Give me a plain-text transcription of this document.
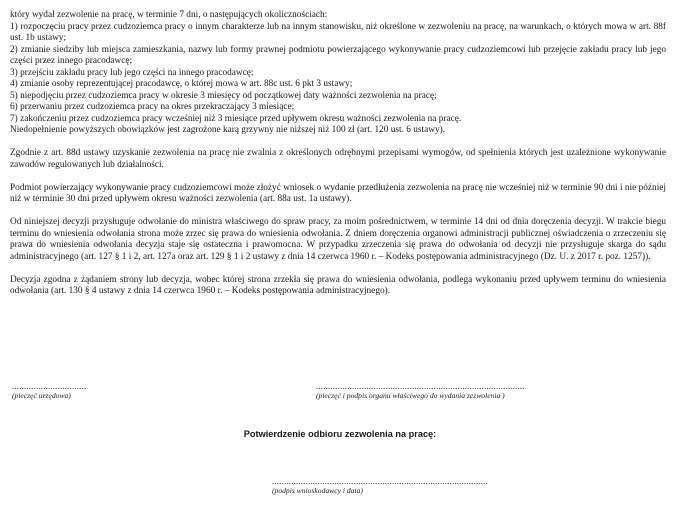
który wydał zezwolenie na pracę, w terminie 7 dni, o następujących okolicznościach:
1) rozpoczęciu pracy przez cudzoziemca pracy o innym charakterze lub na innym stanowisku, niż określone w zezwoleniu na pracę, na warunkach, o których mowa w art. 88f ust. 1b ustawy;
2) zmianie siedziby lub miejsca zamieszkania, nazwy lub formy prawnej podmiotu powierzającego wykonywanie pracy cudzoziemcowi lub przejęcie zakładu pracy lub jego części przez innego pracodawcę;
3) przejściu zakładu pracy lub jego części na innego pracodawcę;
4) zmianie osoby reprezentującej pracodawcę, o której mowa w art. 88c ust. 6 pkt 3 ustawy;
5) niepodjęciu przez cudzoziemca pracy w okresie 3 miesięcy od początkowej daty ważności zezwolenia na pracę;
6) przerwaniu przez cudzoziemca pracy na okres przekraczający 3 miesiące;
7) zakończeniu przez cudzoziemca pracy wcześniej niż 3 miesiące przed upływem okresu ważności zezwolenia na pracę.
Niedopełnienie powyższych obowiązków jest zagrożone karą grzywny nie niższej niż 100 zł (art. 120 ust. 6 ustawy).
Zgodnie z art. 88d ustawy uzyskanie zezwolenia na pracę nie zwalnia z określonych odrębnymi przepisami wymogów, od spełnienia których jest uzależnione wykonywanie zawodów regulowanych lub działalności.
Podmiot powierzający wykonywanie pracy cudzoziemcowi może złożyć wniosek o wydanie przedłużenia zezwolenia na pracę nie wcześniej niż w terminie 90 dni i nie później niż w terminie 30 dni przed upływem okresu ważności zezwolenia (art. 88a ust. 1a ustawy).
Od niniejszej decyzji przysługuje odwołanie do ministra właściwego do spraw pracy, za moim pośrednictwem, w terminie 14 dni od dnia doręczenia decyzji. W trakcie biegu terminu do wniesienia odwołania strona może zrzec się prawa do wniesienia odwołania. Z dniem doręczenia organowi administracji publicznej oświadczenia o zrzeczeniu się prawa do wniesienia odwołania decyzja staje się ostateczna i prawomocna. W przypadku zrzeczenia się prawa do odwołania od decyzji nie przysługuje skarga do sądu administracyjnego (art. 127 § 1 i 2, art. 127a oraz art. 129 § 1 i 2 ustawy z dnia 14 czerwca 1960 r. – Kodeks postępowania administracyjnego (Dz. U. z 2017 r. poz. 1257)).
Decyzja zgodna z żądaniem strony lub decyzja, wobec której strona zrzekła się prawa do wniesienia odwołania, podlega wykonaniu przed upływem terminu do wniesienia odwołania (art. 130 § 4 ustawy z dnia 14 czerwca 1960 r. – Kodeks postępowania administracyjnego).
...............................
(pieczęć urzędowa)
.......................................................................................
(pieczęć i podpis organu właściwego do wydania zezwolenia )
Potwierdzenie odbioru zezwolenia na pracę:
..........................................................................................
(podpis wnioskodawcy i data)
